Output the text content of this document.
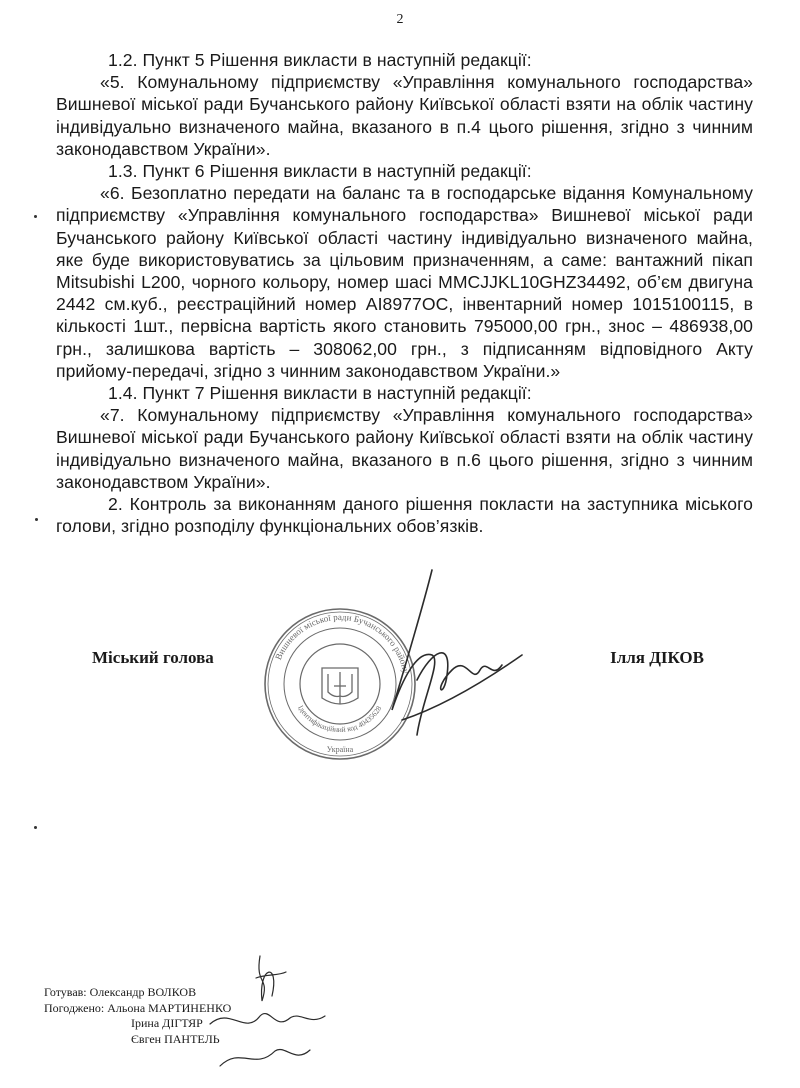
2

1.2. Пункт 5 Рішення викласти в наступній редакції:

«5. Комунальному підприємству «Управління комунального господарства» Вишневої міської ради Бучанського району Київської області взяти на облік частину індивідуально визначеного майна, вказаного в п.4 цього рішення, згідно з чинним законодавством України».

1.3. Пункт 6 Рішення викласти в наступній редакції:

«6. Безоплатно передати на баланс та в господарське відання Комунальному підприємству «Управління комунального господарства» Вишневої міської ради Бучанського району Київської області частину індивідуально визначеного майна, яке буде використовуватись за цільовим призначенням, а саме: вантажний пікап Mitsubishi L200, чорного кольору, номер шасі MMCJJKL10GHZ34492, об’єм двигуна 2442 см.куб., реєстраційний номер АІ8977ОС, інвентарний номер 1015100115, в кількості 1шт., первісна вартість якого становить 795000,00 грн., знос – 486938,00 грн., залишкова вартість – 308062,00 грн., з підписанням відповідного Акту прийому-передачі, згідно з чинним законодавством України.»

1.4. Пункт 7 Рішення викласти в наступній редакції:

«7. Комунальному підприємству «Управління комунального господарства» Вишневої міської ради Бучанського району Київської області взяти на облік частину індивідуально визначеного майна, вказаного в п.6 цього рішення, згідно з чинним законодавством України».

2. Контроль за виконанням даного рішення покласти на заступника міського голови, згідно розподілу функціональних обов’язків.

Вишневої міської ради Бучанського району
Ідентифікаційний код 40435628
Україна
Міський голова	Ілля ДІКОВ
Готував: Олександр ВОЛКОВ
Погоджено: Альона МАРТИНЕНКО
Ірина ДІГТЯР
Євген ПАНТЕЛЬ
